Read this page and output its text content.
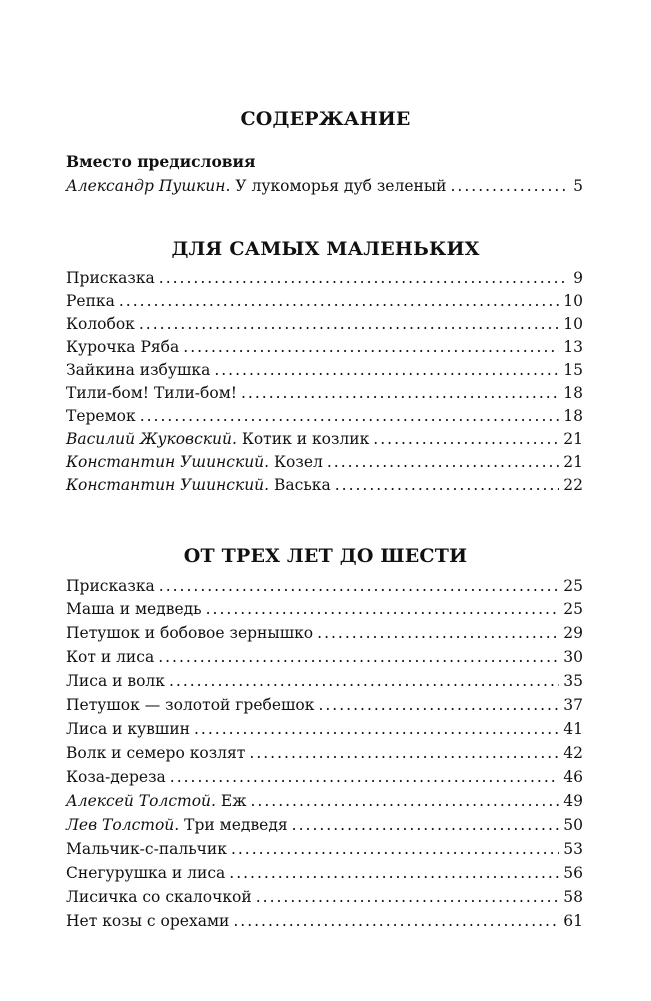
СОДЕРЖАНИЕ
Вместо предисловия
Александр Пушкин. У лукоморья дуб зеленый .....	5
ДЛЯ САМЫХ МАЛЕНЬКИХ
Присказка .....	9
Репка .....	10
Колобок .....	10
Курочка Ряба .....	13
Зайкина избушка .....	15
Тили-бом! Тили-бом! .....	18
Теремок .....	18
Василий Жуковский. Котик и козлик .....	21
Константин Ушинский. Козел .....	21
Константин Ушинский. Васька .....	22
ОТ ТРЕХ ЛЕТ ДО ШЕСТИ
Присказка .....	25
Маша и медведь .....	25
Петушок и бобовое зернышко .....	29
Кот и лиса .....	30
Лиса и волк .....	35
Петушок — золотой гребешок .....	37
Лиса и кувшин .....	41
Волк и семеро козлят .....	42
Коза-дереза .....	46
Алексей Толстой. Еж .....	49
Лев Толстой. Три медведя .....	50
Мальчик-с-пальчик .....	53
Снегурушка и лиса .....	56
Лисичка со скалочкой .....	58
Нет козы с орехами .....	61
